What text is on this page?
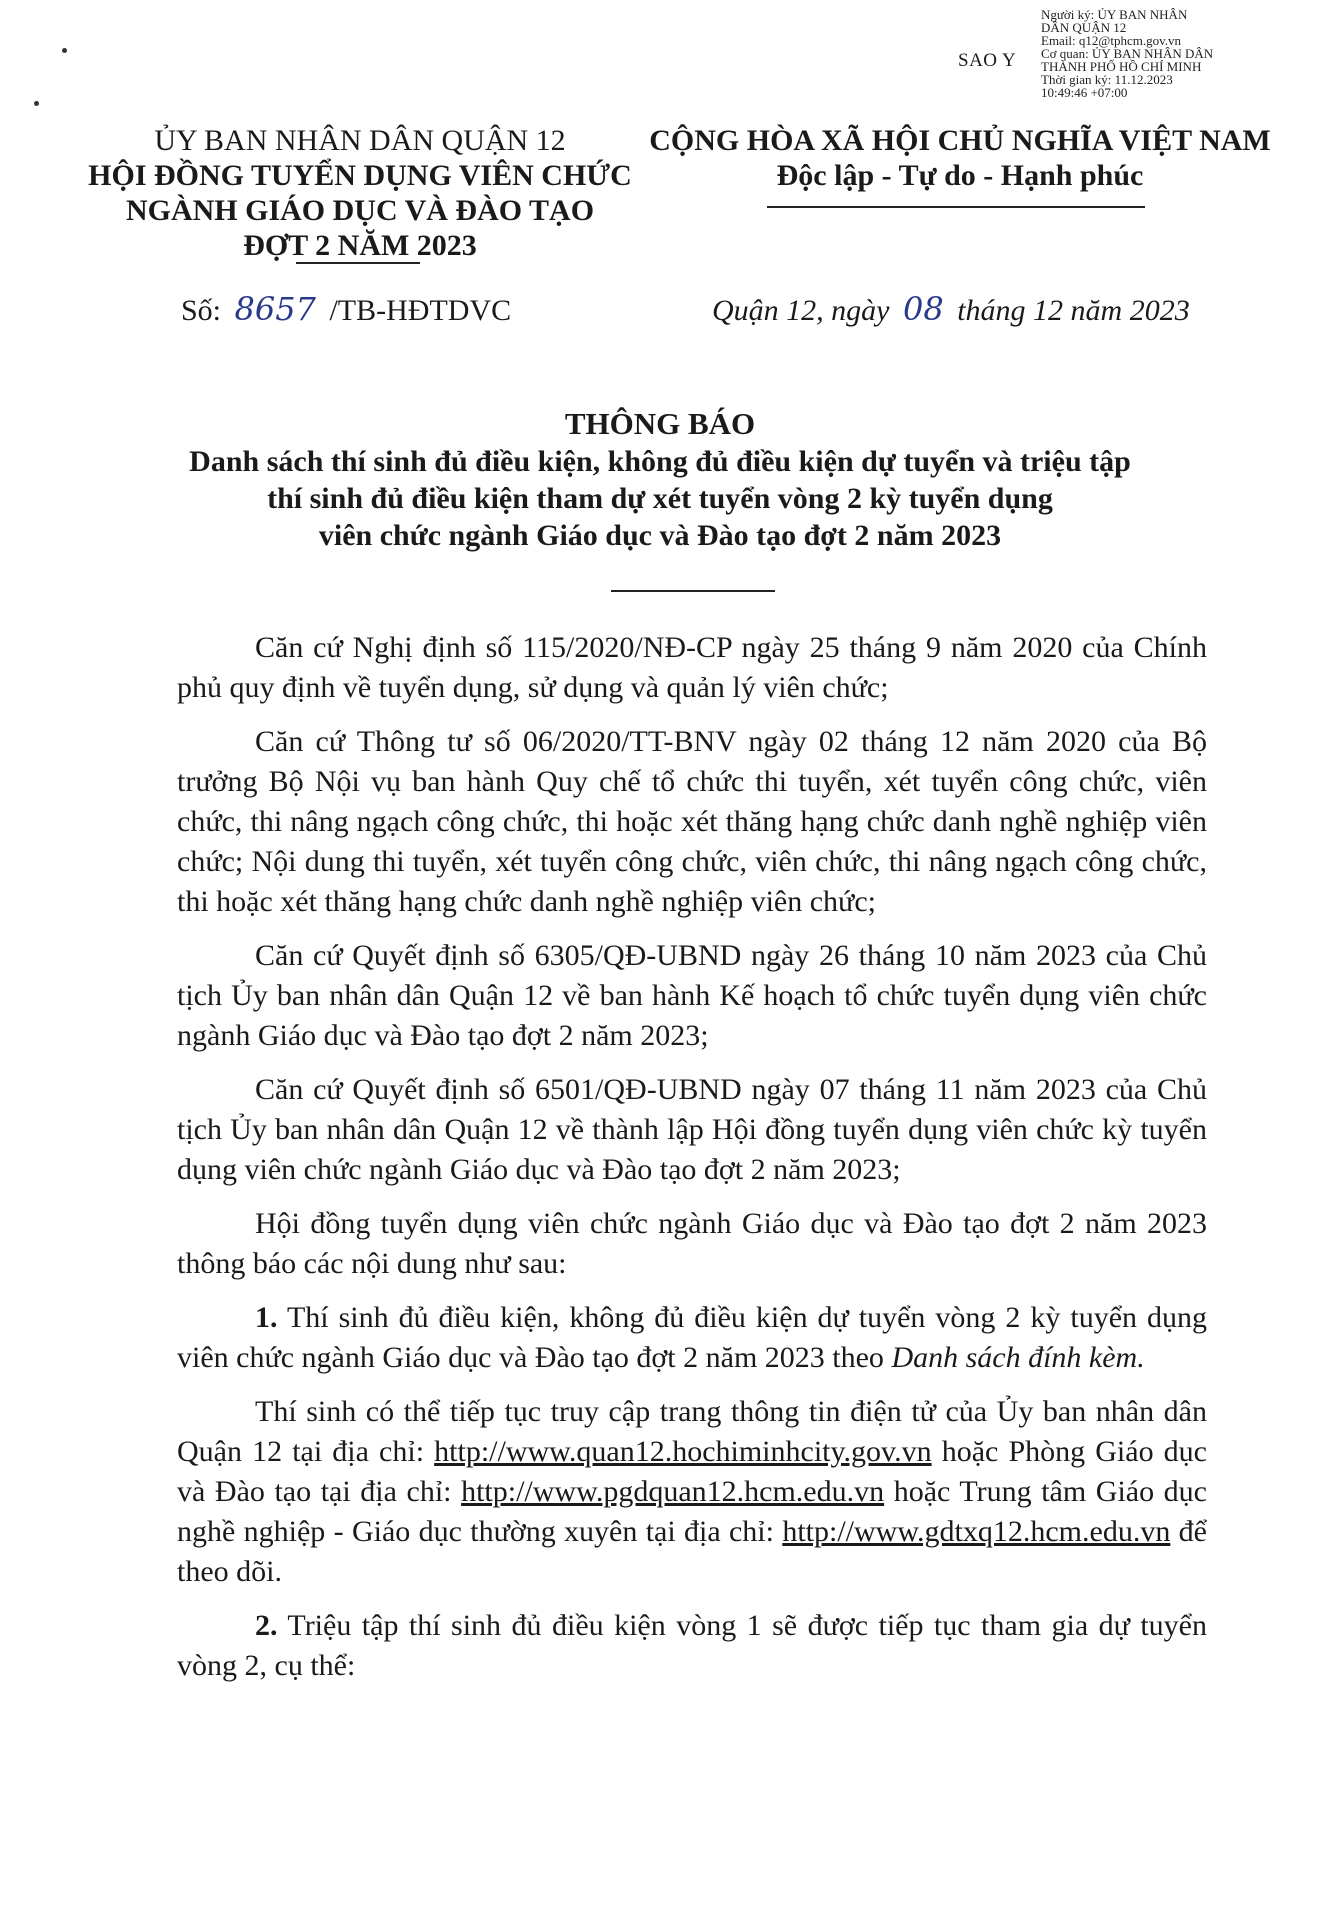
Người ký: ỦY BAN NHÂN
DÂN QUẬN 12
Email: q12@tphcm.gov.vn
Cơ quan: ỦY BAN NHÂN DÂN
THÀNH PHỐ HỒ CHÍ MINH
Thời gian ký: 11.12.2023
10:49:46 +07:00
SAO Y
ỦY BAN NHÂN DÂN QUẬN 12
HỘI ĐỒNG TUYỂN DỤNG VIÊN CHỨC
NGÀNH GIÁO DỤC VÀ ĐÀO TẠO
ĐỢT 2 NĂM 2023
CỘNG HÒA XÃ HỘI CHỦ NGHĨA VIỆT NAM
Độc lập - Tự do - Hạnh phúc
Số: 8657 /TB-HĐTDVC	Quận 12, ngày 08 tháng 12 năm 2023
THÔNG BÁO
Danh sách thí sinh đủ điều kiện, không đủ điều kiện dự tuyển và triệu tập
thí sinh đủ điều kiện tham dự xét tuyển vòng 2 kỳ tuyển dụng
viên chức ngành Giáo dục và Đào tạo đợt 2 năm 2023

Căn cứ Nghị định số 115/2020/NĐ-CP ngày 25 tháng 9 năm 2020 của Chính phủ quy định về tuyển dụng, sử dụng và quản lý viên chức;

Căn cứ Thông tư số 06/2020/TT-BNV ngày 02 tháng 12 năm 2020 của Bộ trưởng Bộ Nội vụ ban hành Quy chế tổ chức thi tuyển, xét tuyển công chức, viên chức, thi nâng ngạch công chức, thi hoặc xét thăng hạng chức danh nghề nghiệp viên chức; Nội dung thi tuyển, xét tuyển công chức, viên chức, thi nâng ngạch công chức, thi hoặc xét thăng hạng chức danh nghề nghiệp viên chức;

Căn cứ Quyết định số 6305/QĐ-UBND ngày 26 tháng 10 năm 2023 của Chủ tịch Ủy ban nhân dân Quận 12 về ban hành Kế hoạch tổ chức tuyển dụng viên chức ngành Giáo dục và Đào tạo đợt 2 năm 2023;

Căn cứ Quyết định số 6501/QĐ-UBND ngày 07 tháng 11 năm 2023 của Chủ tịch Ủy ban nhân dân Quận 12 về thành lập Hội đồng tuyển dụng viên chức kỳ tuyển dụng viên chức ngành Giáo dục và Đào tạo đợt 2 năm 2023;

Hội đồng tuyển dụng viên chức ngành Giáo dục và Đào tạo đợt 2 năm 2023 thông báo các nội dung như sau:

1. Thí sinh đủ điều kiện, không đủ điều kiện dự tuyển vòng 2 kỳ tuyển dụng viên chức ngành Giáo dục và Đào tạo đợt 2 năm 2023 theo Danh sách đính kèm.

Thí sinh có thể tiếp tục truy cập trang thông tin điện tử của Ủy ban nhân dân Quận 12 tại địa chỉ: http://www.quan12.hochiminhcity.gov.vn hoặc Phòng Giáo dục và Đào tạo tại địa chỉ: http://www.pgdquan12.hcm.edu.vn hoặc Trung tâm Giáo dục nghề nghiệp - Giáo dục thường xuyên tại địa chỉ: http://www.gdtxq12.hcm.edu.vn để theo dõi.

2. Triệu tập thí sinh đủ điều kiện vòng 1 sẽ được tiếp tục tham gia dự tuyển vòng 2, cụ thể:
